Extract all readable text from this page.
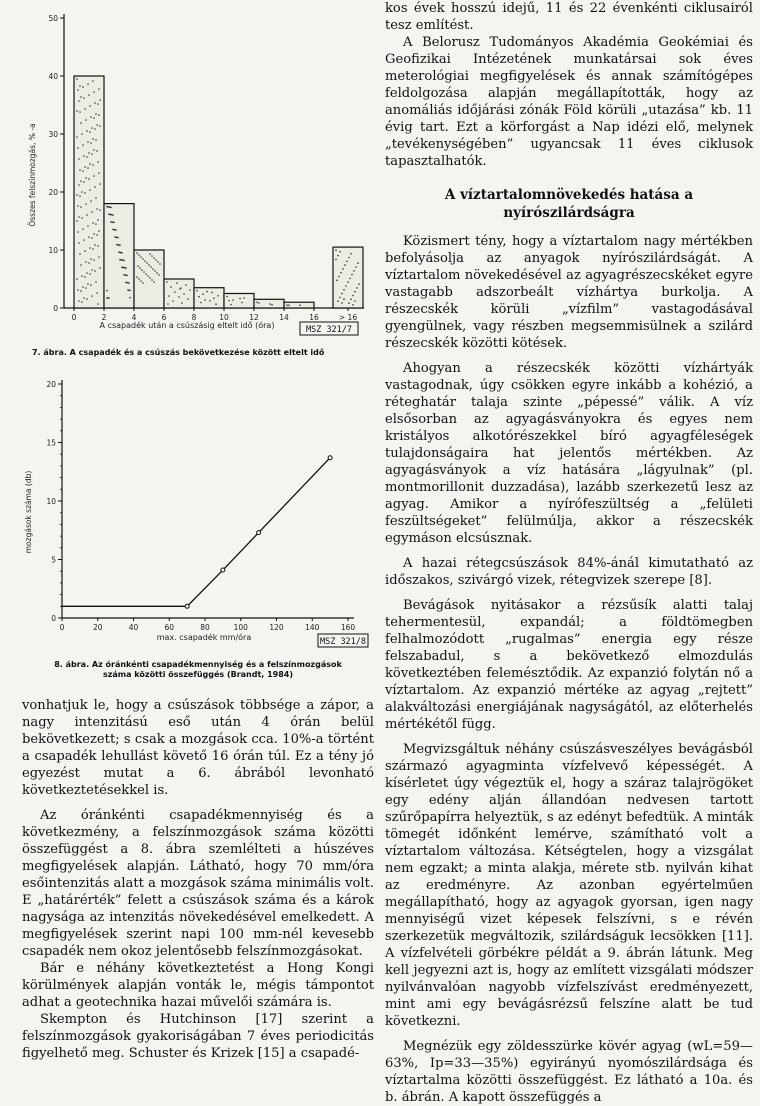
0
10
20
30
40
50
0	2	4	6	8	10	12	14	16	> 16
Összes felszínmozgás, % -a
A csapadék után a csúszásig eltelt idő (óra)	MSZ 321/7
7. ábra. A csapadék és a csúszás bekövetkezése között eltelt idő
0
5
10
15
20
0	20	40	60	80	100	120	140	160
mozgások száma (db)
max. csapadék mm/óra	MSZ 321/8
8. ábra. Az óránkénti csapadékmennyiség és a felszínmozgások
száma közötti összefüggés (Brandt, 1984)

vonhatjuk le, hogy a csúszások többsége a zápor, a nagy intenzitású eső után 4 órán belül bekövetkezett; s csak a mozgások cca. 10%-a történt a csapadék lehullást követő 16 órán túl. Ez a tény jó egyezést mutat a 6. ábrából levonható következtetésekkel is.

Az óránkénti csapadékmennyiség és a következmény, a felszínmozgások száma közötti összefüggést a 8. ábra szemlélteti a húszéves megfigyelések alapján. Látható, hogy 70 mm/óra esőintenzitás alatt a mozgások száma minimális volt. E „határérték” felett a csúszások száma és a károk nagysága az intenzitás növekedésével emelkedett. A megfigyelések szerint napi 100 mm-nél kevesebb csapadék nem okoz jelentősebb felszínmozgásokat.

Bár e néhány következtetést a Hong Kongi körülmények alapján vonták le, mégis támpontot adhat a geotechnika hazai művelői számára is.

Skempton és Hutchinson [17] szerint a felszínmozgások gyakoriságában 7 éves periodicitás figyelhető meg. Schuster és Krizek [15] a csapadé-

kos évek hosszú idejű, 11 és 22 évenkénti ciklusairól tesz említést.

A Belorusz Tudományos Akadémia Geokémiai és Geofizikai Intézetének munkatársai sok éves meterológiai megfigyelések és annak számítógépes feldolgozása alapján megállapították, hogy az anomáliás időjárási zónák Föld körüli „utazása” kb. 11 évig tart. Ezt a körforgást a Nap idézi elő, melynek „tevékenységében” ugyancsak 11 éves ciklusok tapasztalhatók.

A víztartalomnövekedés hatása a nyírószilárdságra

Közismert tény, hogy a víztartalom nagy mértékben befolyásolja az anyagok nyírószilárdságát. A víztartalom növekedésével az agyagrészecskéket egyre vastagabb adszorbeált vízhártya burkolja. A részecskék körüli „vízfilm” vastagodásával gyengülnek, vagy részben megsemmisülnek a szilárd részecskék közötti kötések.

Ahogyan a részecskék közötti vízhártyák vastagodnak, úgy csökken egyre inkább a kohézió, a réteghatár talaja szinte „pépessé” válik. A víz elsősorban az agyagásványokra és egyes nem kristályos alkotórészekkel bíró agyagféleségek tulajdonságaira hat jelentős mértékben. Az agyagásványok a víz hatására „lágyulnak” (pl. montmorillonit duzzadása), lazább szerkezetű lesz az agyag. Amikor a nyírófeszültség a „felületi feszültségeket” felülmúlja, akkor a részecskék egymáson elcsúsznak.

A hazai rétegcsúszások 84%-ánál kimutatható az időszakos, szivárgó vizek, rétegvizek szerepe [8].

Bevágások nyitásakor a rézsűsík alatti talaj tehermentesül, expandál; a földtömegben felhalmozódott „rugalmas” energia egy része felszabadul, s a bekövetkező elmozdulás következtében felemésztődik. Az expanzió folytán nő a víztartalom. Az expanzió mértéke az agyag „rejtett” alakváltozási energiájának nagyságától, az előterhelés mértékétől függ.

Megvizsgáltuk néhány csúszásveszélyes bevágásból származó agyagminta vízfelvevő képességét. A kísérletet úgy végeztük el, hogy a száraz talajrögöket egy edény alján állandóan nedvesen tartott szűrőpapírra helyeztük, s az edényt befedtük. A minták tömegét időnként lemérve, számítható volt a víztartalom változása. Kétségtelen, hogy a vizsgálat nem egzakt; a minta alakja, mérete stb. nyilván kihat az eredményre. Az azonban egyértelműen megállapítható, hogy az agyagok gyorsan, igen nagy mennyiségű vizet képesek felszívni, s e révén szerkezetük megváltozik, szilárdságuk lecsökken [11]. A vízfelvételi görbékre példát a 9. ábrán látunk. Meg kell jegyezni azt is, hogy az említett vizsgálati módszer nyilvánvalóan nagyobb vízfelszívást eredményezett, mint ami egy bevágásrézsű felszíne alatt be tud következni.

Megnézük egy zöldesszürke kövér agyag (wL=59—63%, Ip=33—35%) egyirányú nyomószilárdsága és víztartalma közötti összefüggést. Ez látható a 10a. és b. ábrán. A kapott összefüggés a
